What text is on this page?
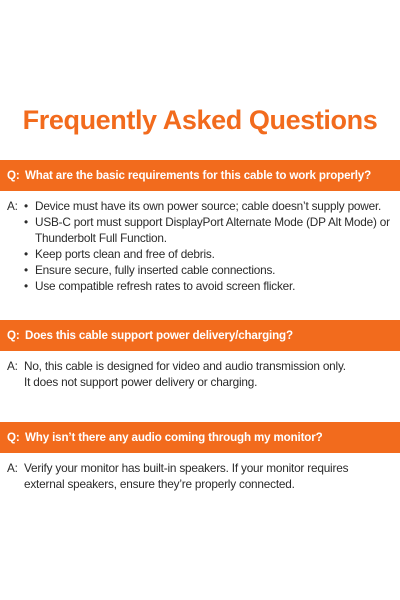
Frequently Asked Questions
Q: What are the basic requirements for this cable to work properly?
A: • Device must have its own power source; cable doesn’t supply power.
• USB-C port must support DisplayPort Alternate Mode (DP Alt Mode) or Thunderbolt Full Function.
• Keep ports clean and free of debris.
• Ensure secure, fully inserted cable connections.
• Use compatible refresh rates to avoid screen flicker.
Q: Does this cable support power delivery/charging?
A: No, this cable is designed for video and audio transmission only.

It does not support power delivery or charging.

Q: Why isn’t there any audio coming through my monitor?
A: Verify your monitor has built-in speakers. If your monitor requires

external speakers, ensure they’re properly connected.
